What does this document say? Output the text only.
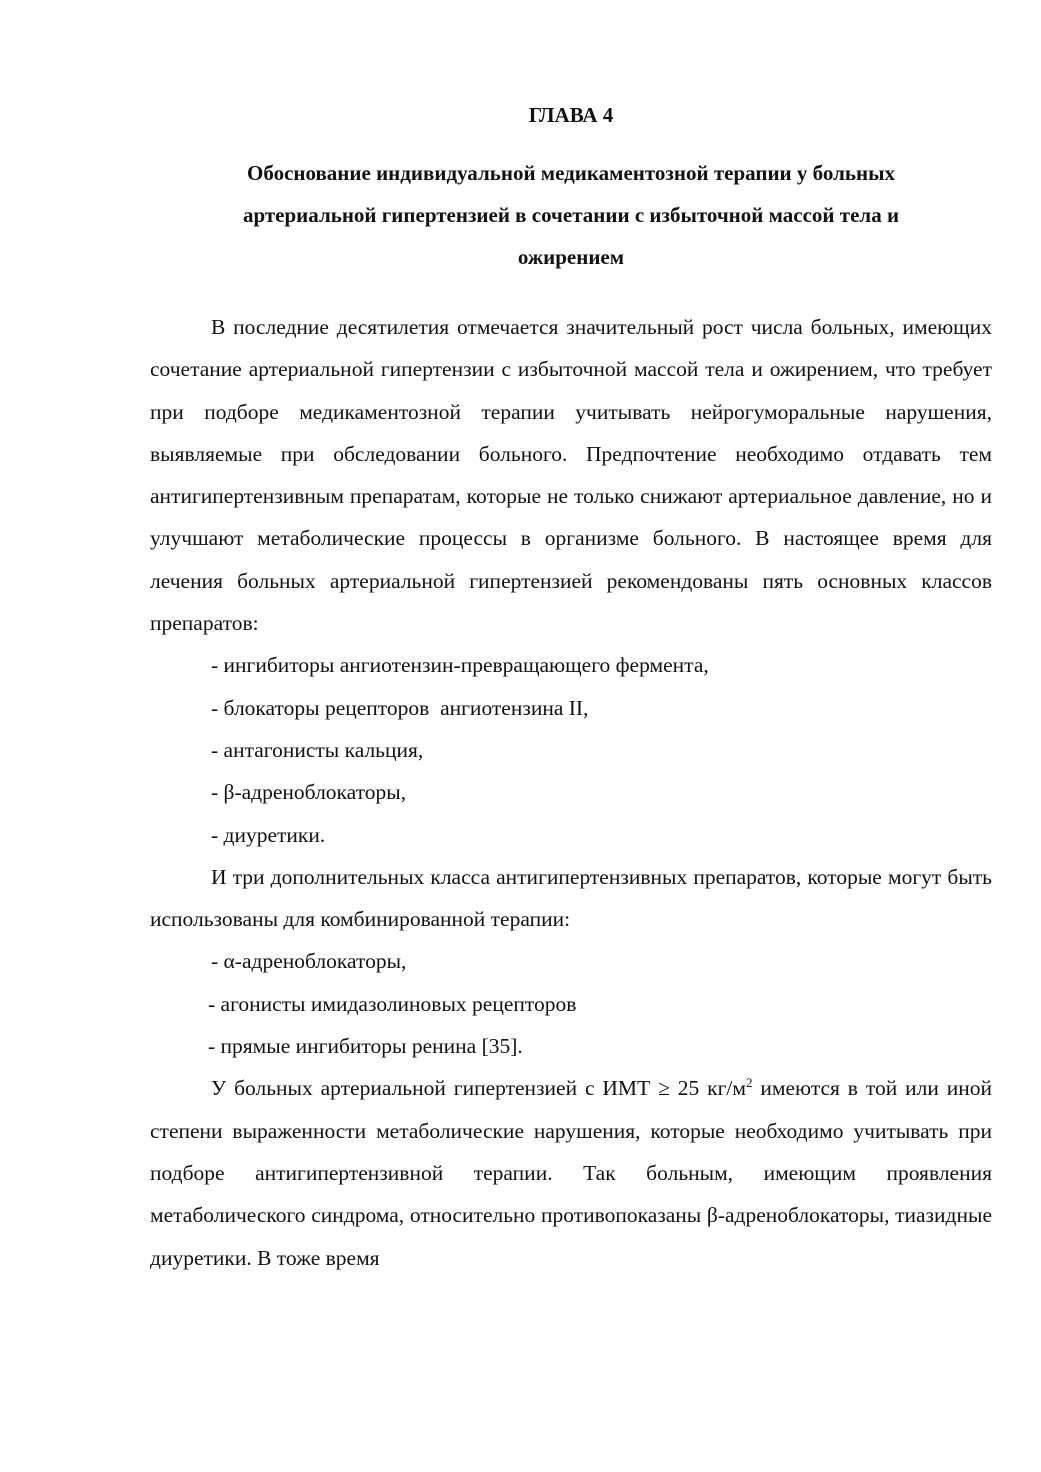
ГЛАВА 4
Обоснование индивидуальной медикаментозной терапии у больных
артериальной гипертензией в сочетании с избыточной массой тела и
ожирением

В последние десятилетия отмечается значительный рост числа больных, имеющих сочетание артериальной гипертензии с избыточной массой тела и ожирением, что требует при подборе медикаментозной терапии учитывать нейрогуморальные нарушения, выявляемые при обследовании больного. Предпочтение необходимо отдавать тем антигипертензивным препаратам, которые не только снижают артериальное давление, но и улучшают метаболические процессы в организме больного. В настоящее время для лечения больных артериальной гипертензией рекомендованы пять основных классов препаратов:

- ингибиторы ангиотензин-превращающего фермента,

- блокаторы рецепторов  ангиотензина II,

- антагонисты кальция,

- β-адреноблокаторы,

- диуретики.

И три дополнительных класса антигипертензивных препаратов, которые могут быть использованы для комбинированной терапии:

- α-адреноблокаторы,

- агонисты имидазолиновых рецепторов

- прямые ингибиторы ренина [35].

У больных артериальной гипертензией с ИМТ ≥ 25 $кг/м^2$ имеются в той или иной степени выраженности метаболические нарушения, которые необходимо учитывать при подборе антигипертензивной терапии. Так больным, имеющим проявления метаболического синдрома, относительно противопоказаны β-адреноблокаторы, тиазидные диуретики. В тоже время
